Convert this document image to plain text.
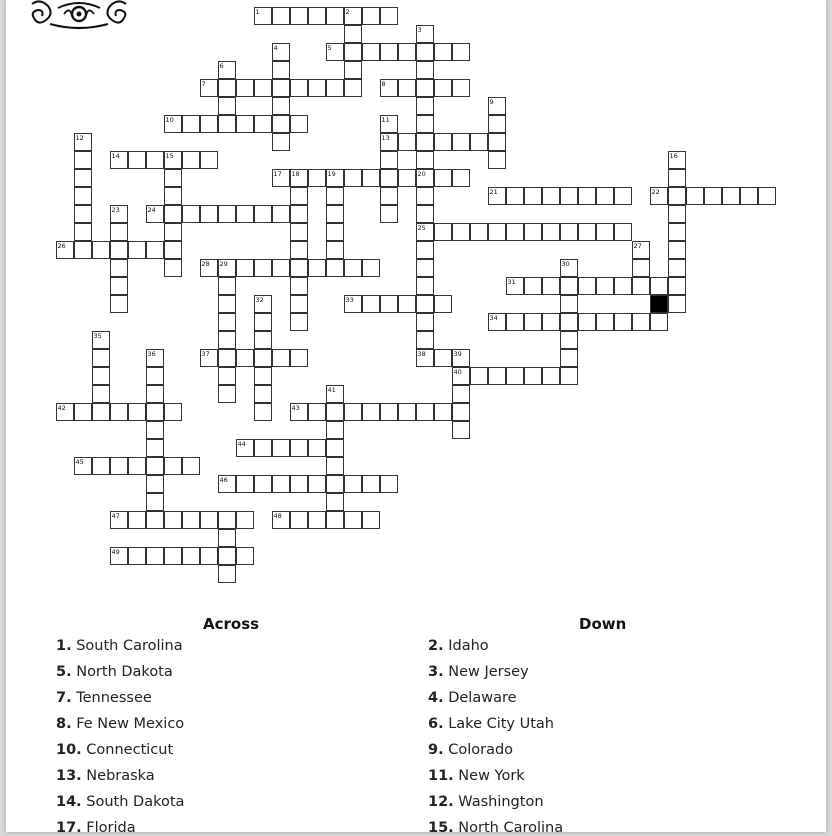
1	2
3
4	5
6
7	8
9
10	11
12	13
14	15	16
17 18	19	20
21	22
23	24
25
26	27
28 29	30
31
32	33
34
35
36	37	38	39
40
41
42	43
44
45
46
47	48
49
Across	Down
1. South Carolina
5. North Dakota
7. Tennessee
8. Fe New Mexico
10. Connecticut
13. Nebraska
14. South Dakota
17. Florida
2. Idaho
3. New Jersey
4. Delaware
6. Lake City Utah
9. Colorado
11. New York
12. Washington
15. North Carolina
